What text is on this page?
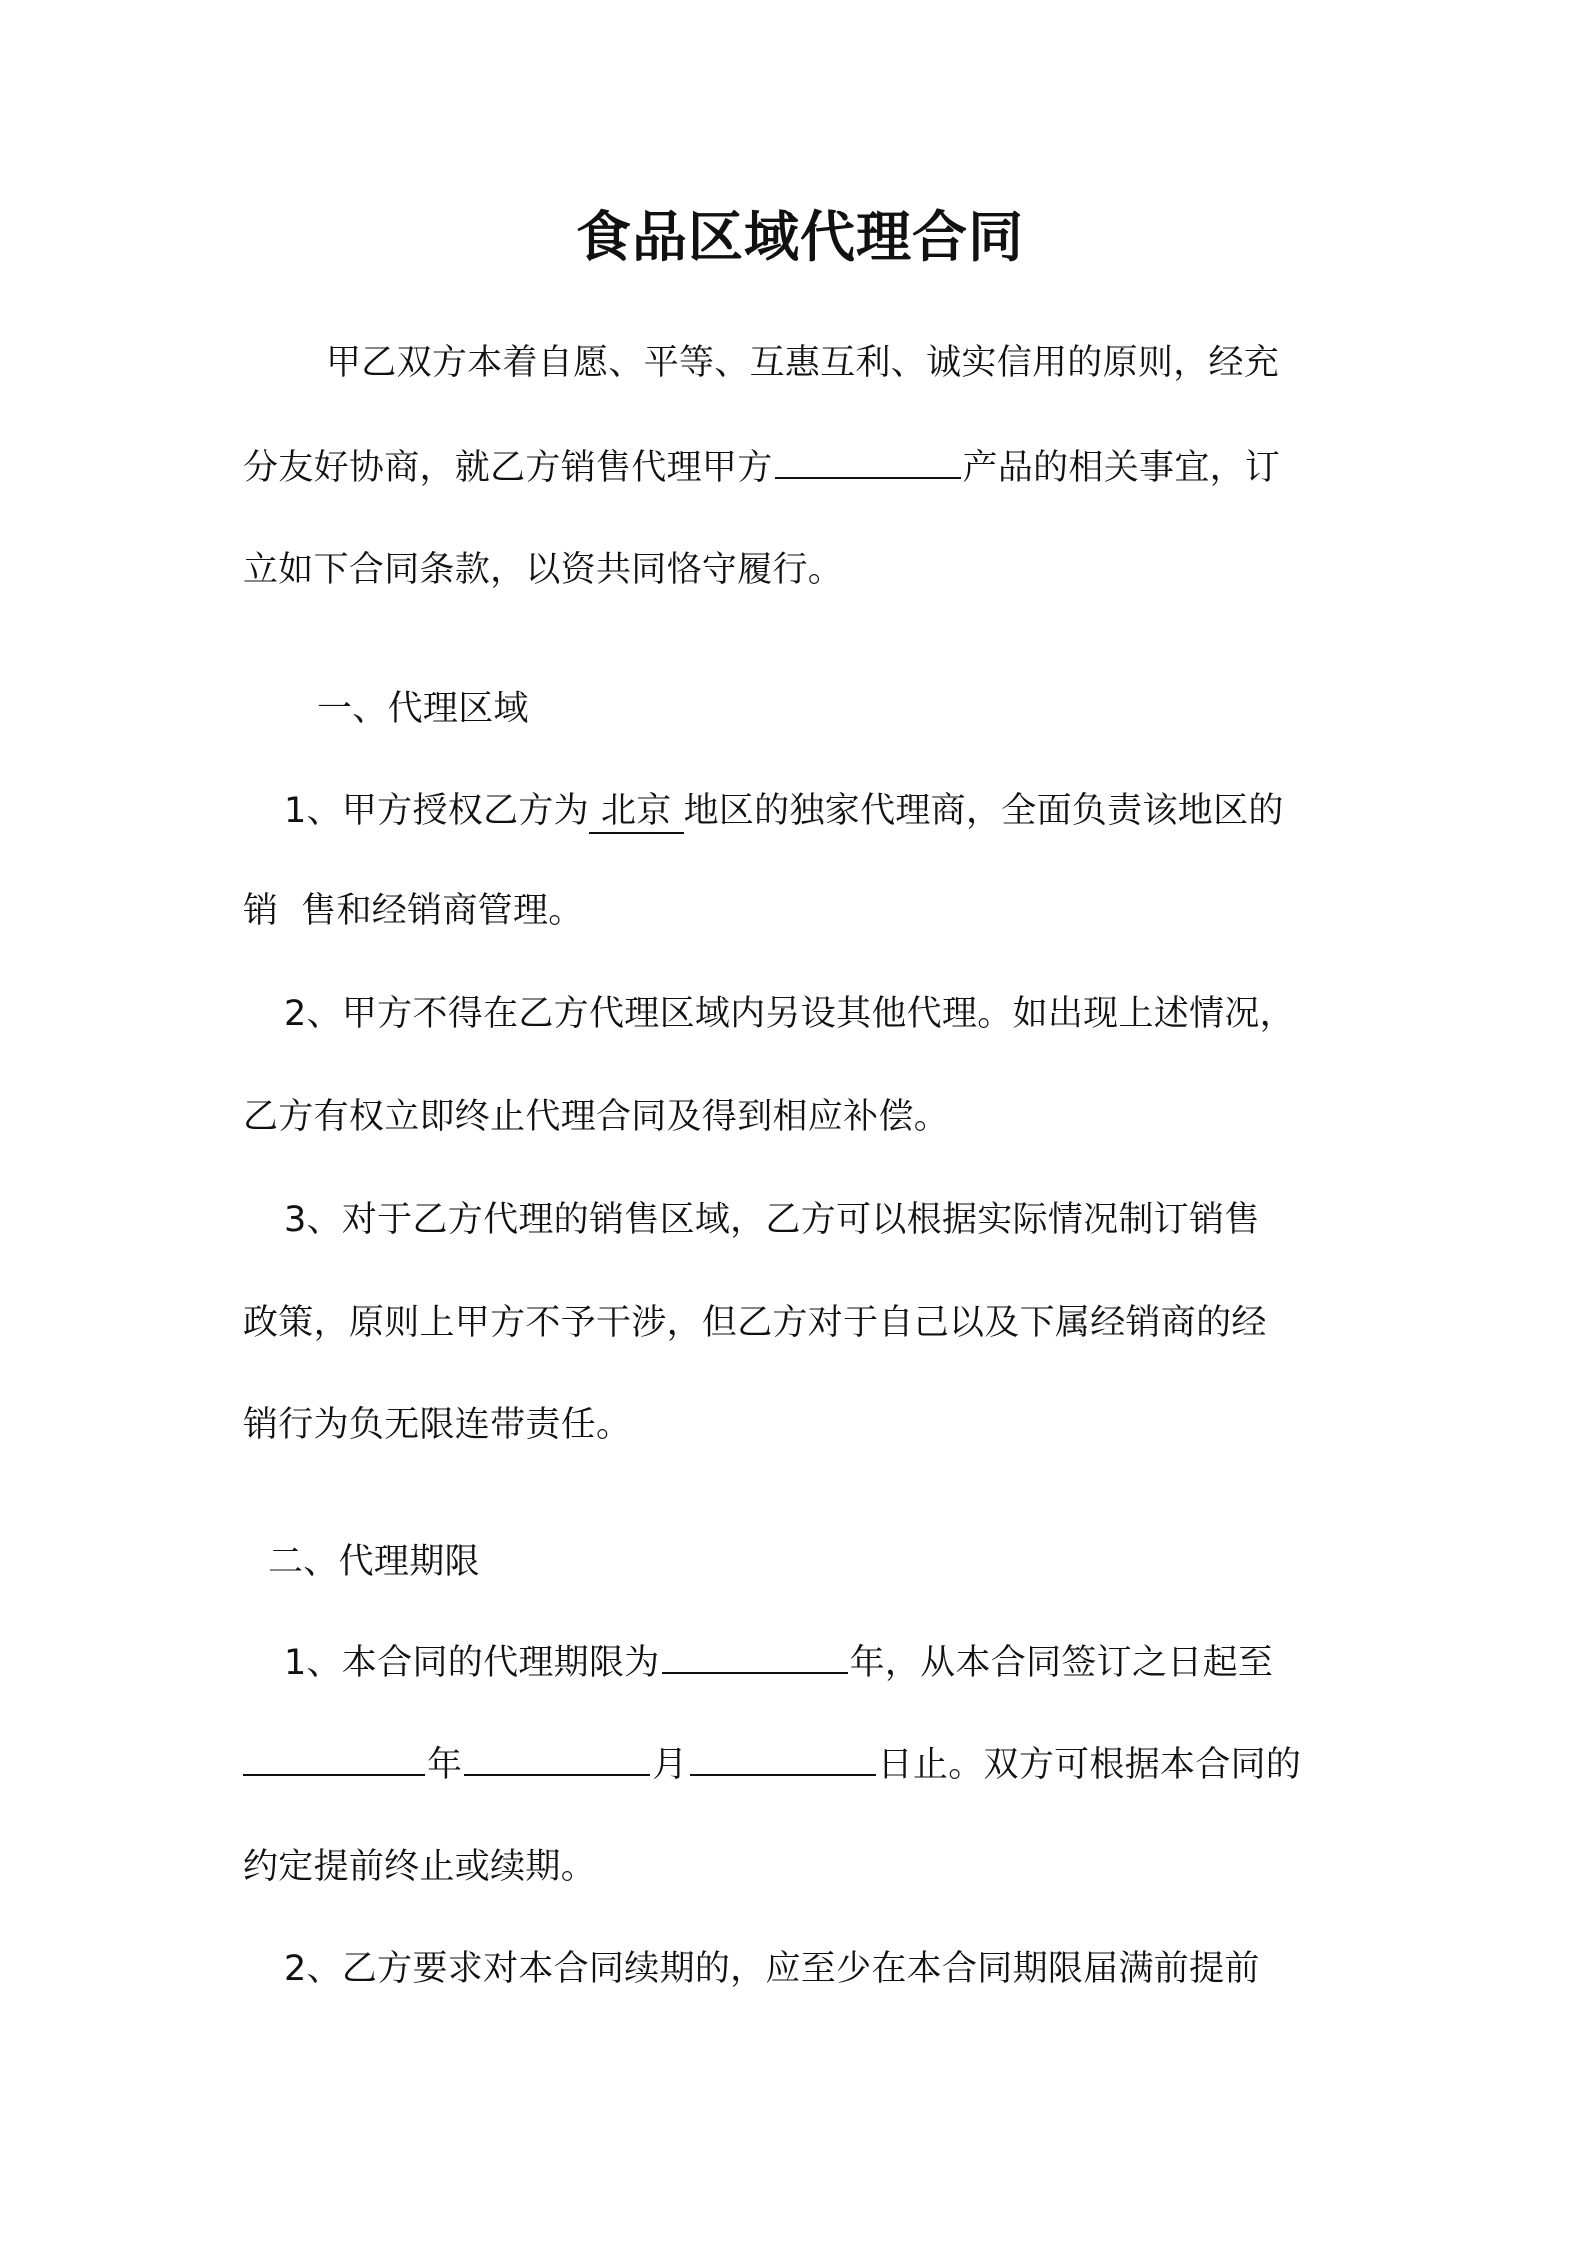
食品区域代理合同
甲乙双方本着自愿、平等、互惠互利、诚实信用的原则，经充
分友好协商，就乙方销售代理甲方	产品的相关事宜，订
立如下合同条款，以资共同恪守履行。
一、代理区域
1、甲方授权乙方为 北京 地区的独家代理商，全面负责该地区的
销  售和经销商管理。
2、甲方不得在乙方代理区域内另设其他代理。如出现上述情况，
乙方有权立即终止代理合同及得到相应补偿。
3、对于乙方代理的销售区域，乙方可以根据实际情况制订销售
政策，原则上甲方不予干涉，但乙方对于自己以及下属经销商的经
销行为负无限连带责任。
二、代理期限
1、本合同的代理期限为	年，从本合同签订之日起至
年	月	日止。双方可根据本合同的
约定提前终止或续期。
2、乙方要求对本合同续期的，应至少在本合同期限届满前提前
